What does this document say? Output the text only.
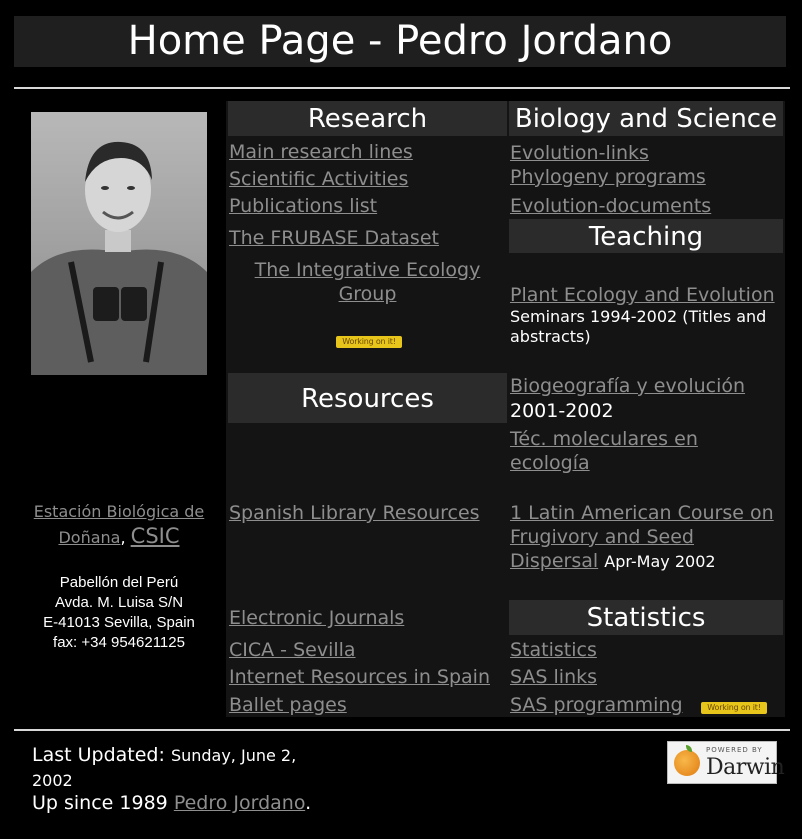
Home Page - Pedro Jordano
Estación Biológica de Doñana, CSIC
Pabellón del Perú
Avda. M. Luisa S/N
E-41013 Sevilla, Spain
fax: +34 954621125
Research
Main research lines
Scientific Activities
Publications list
The FRUBASE Dataset
The Integrative Ecology Group
Working on it!
Resources
Spanish Library Resources
Electronic Journals
CICA - Sevilla
Internet Resources in Spain
Ballet pages
Biology and Science
Evolution-links
Phylogeny programs
Evolution-documents
Teaching
Plant Ecology and Evolution
Seminars 1994-2002 (Titles and abstracts)
Biogeografía y evolución
2001-2002
Téc. moleculares en ecología
1 Latin American Course on Frugivory and Seed Dispersal Apr-May 2002
Statistics
Statistics
SAS links
SAS programming	Working on it!
Last Updated: Sunday, June 2,
2002
Up since 1989 Pedro Jordano.
POWERED BY
Darwin
